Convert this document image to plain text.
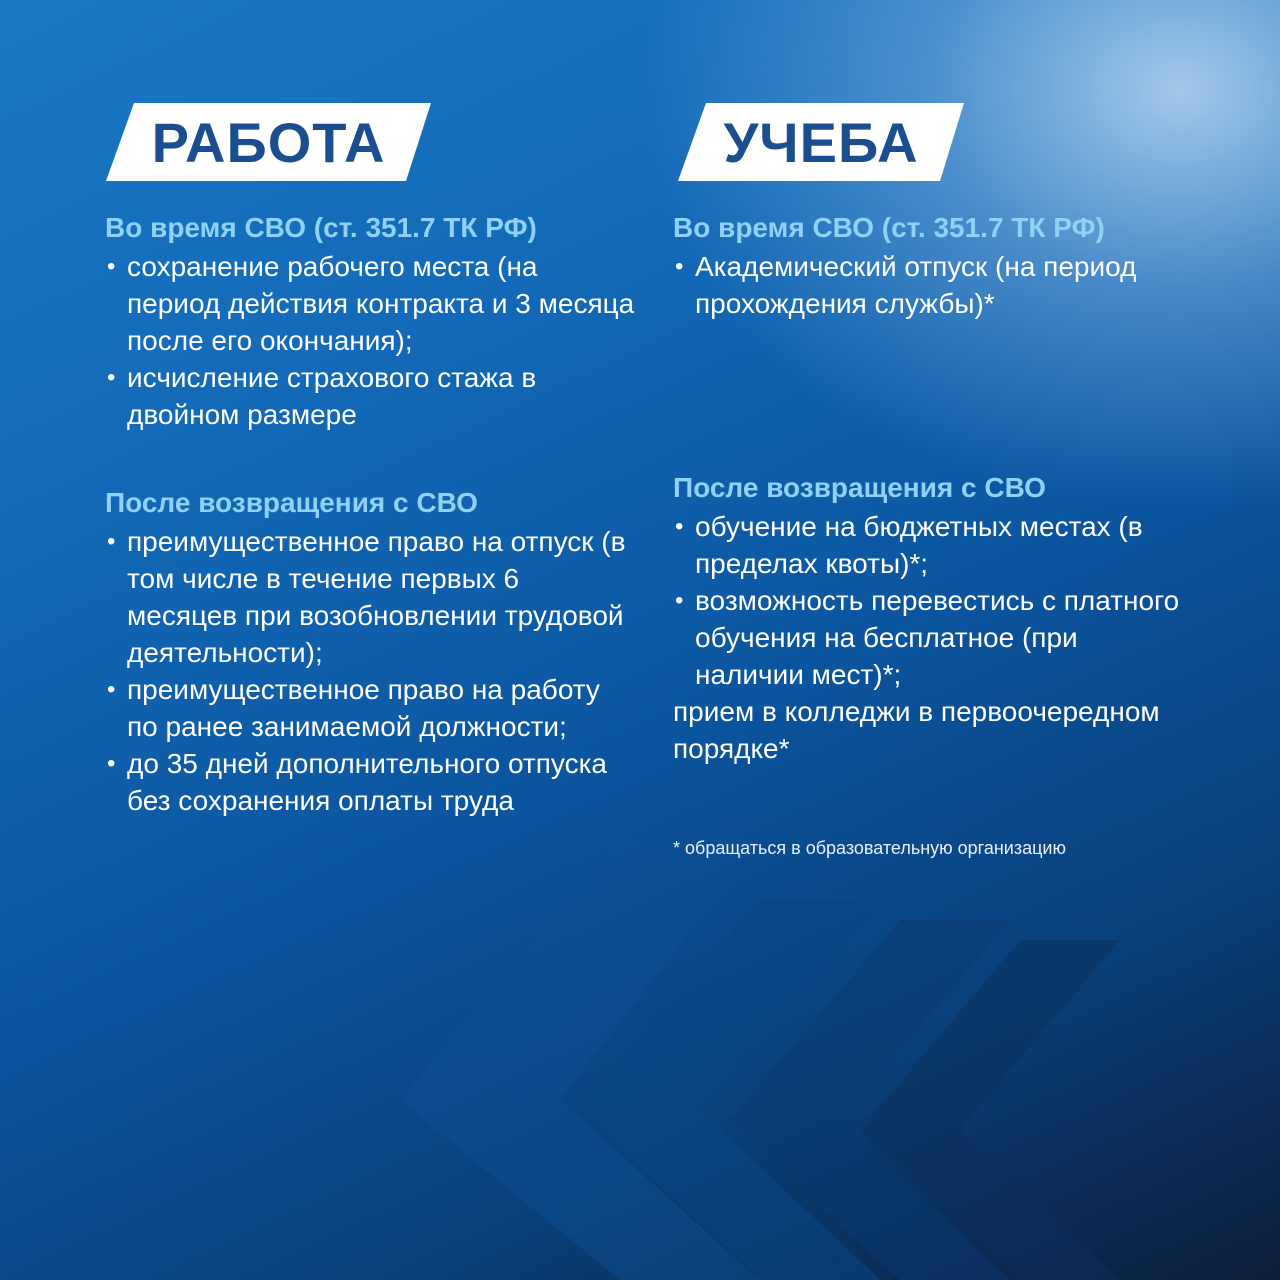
РАБОТА	УЧЕБА
Во время СВО (ст. 351.7 ТК РФ)
• сохранение рабочего места (на период действия контракта и 3 месяца после его окончания);
• исчисление страхового стажа в двойном размере
После возвращения с СВО
• преимущественное право на отпуск (в том числе в течение первых 6 месяцев при возобновлении трудовой деятельности);
• преимущественное право на работу по ранее занимаемой должности;
• до 35 дней дополнительного отпуска без сохранения оплаты труда
Во время СВО (ст. 351.7 ТК РФ)
• Академический отпуск (на период прохождения службы)*
После возвращения с СВО
• обучение на бюджетных местах (в пределах квоты)*;
• возможность перевестись с платного обучения на бесплатное (при наличии мест)*;
прием в колледжи в первоочередном порядке*
* обращаться в образовательную организацию
